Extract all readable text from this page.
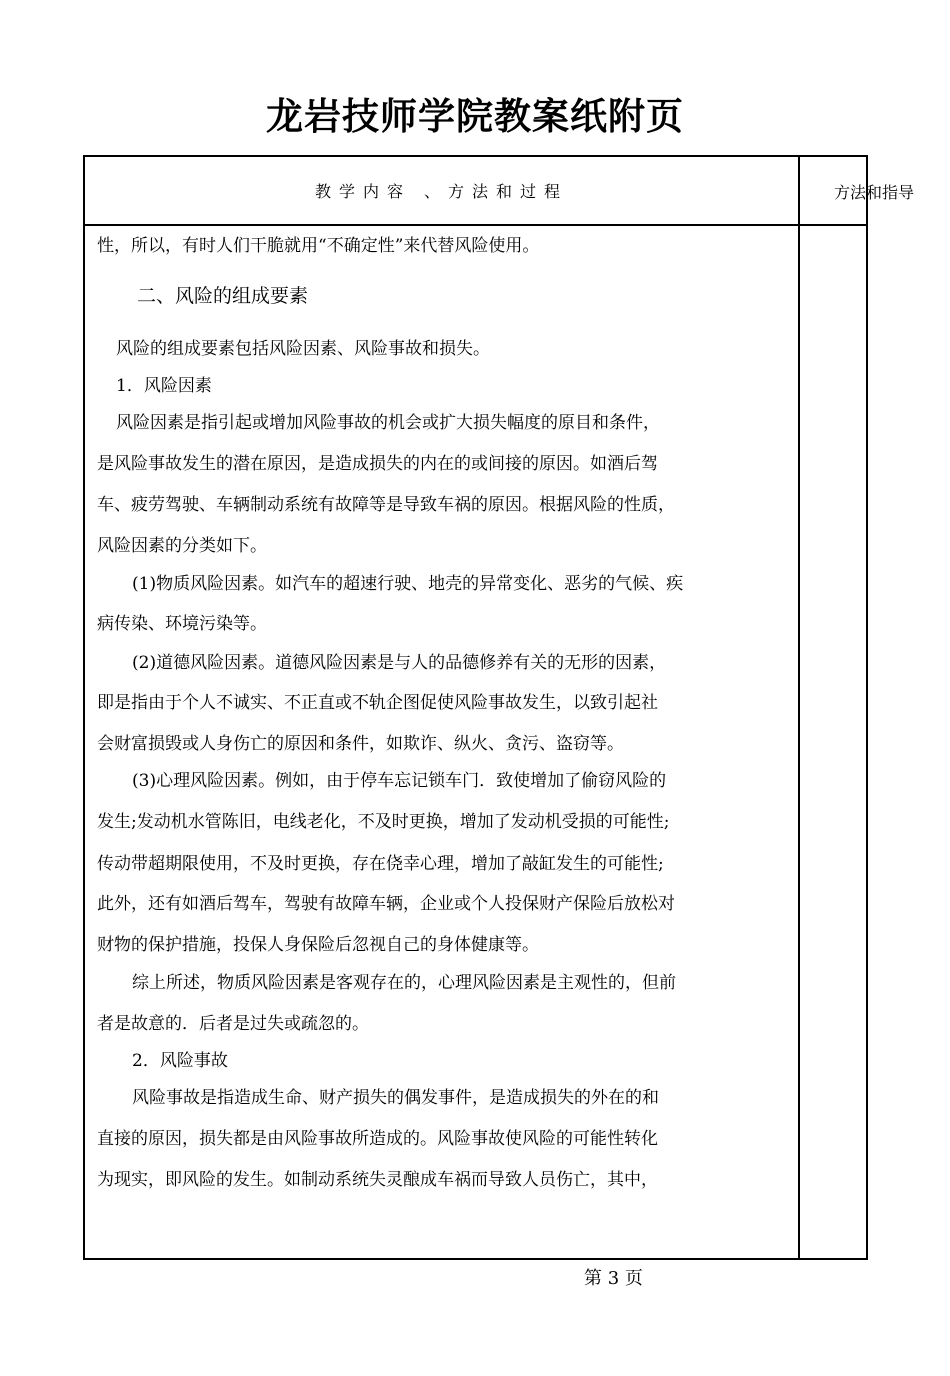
龙岩技师学院教案纸附页
教学内容 、方法和过程	方法和指导
性，所以，有时人们干脆就用“不确定性”来代替风险使用。
二、风险的组成要素
风险的组成要素包括风险因素、风险事故和损失。
1．风险因素
风险因素是指引起或增加风险事故的机会或扩大损失幅度的原目和条件，
是风险事故发生的潜在原因，是造成损失的内在的或间接的原因。如酒后驾
车、疲劳驾驶、车辆制动系统有故障等是导致车祸的原因。根据风险的性质，
风险因素的分类如下。
(1)物质风险因素。如汽车的超速行驶、地壳的异常变化、恶劣的气候、疾
病传染、环境污染等。
(2)道德风险因素。道德风险因素是与人的品德修养有关的无形的因素，
即是指由于个人不诚实、不正直或不轨企图促使风险事故发生，以致引起社
会财富损毁或人身伤亡的原因和条件，如欺诈、纵火、贪污、盗窃等。
(3)心理风险因素。例如，由于停车忘记锁车门．致使增加了偷窃风险的
发生;发动机水管陈旧，电线老化，不及时更换，增加了发动机受损的可能性;
传动带超期限使用，不及时更换，存在侥幸心理，增加了敲缸发生的可能性;
此外，还有如酒后驾车，驾驶有故障车辆，企业或个人投保财产保险后放松对
财物的保护措施，投保人身保险后忽视自己的身体健康等。
综上所述，物质风险因素是客观存在的，心理风险因素是主观性的，但前
者是故意的．后者是过失或疏忽的。
2．风险事故
风险事故是指造成生命、财产损失的偶发事件，是造成损失的外在的和
直接的原因，损失都是由风险事故所造成的。风险事故使风险的可能性转化
为现实，即风险的发生。如制动系统失灵酿成车祸而导致人员伤亡，其中，
第 3 页
